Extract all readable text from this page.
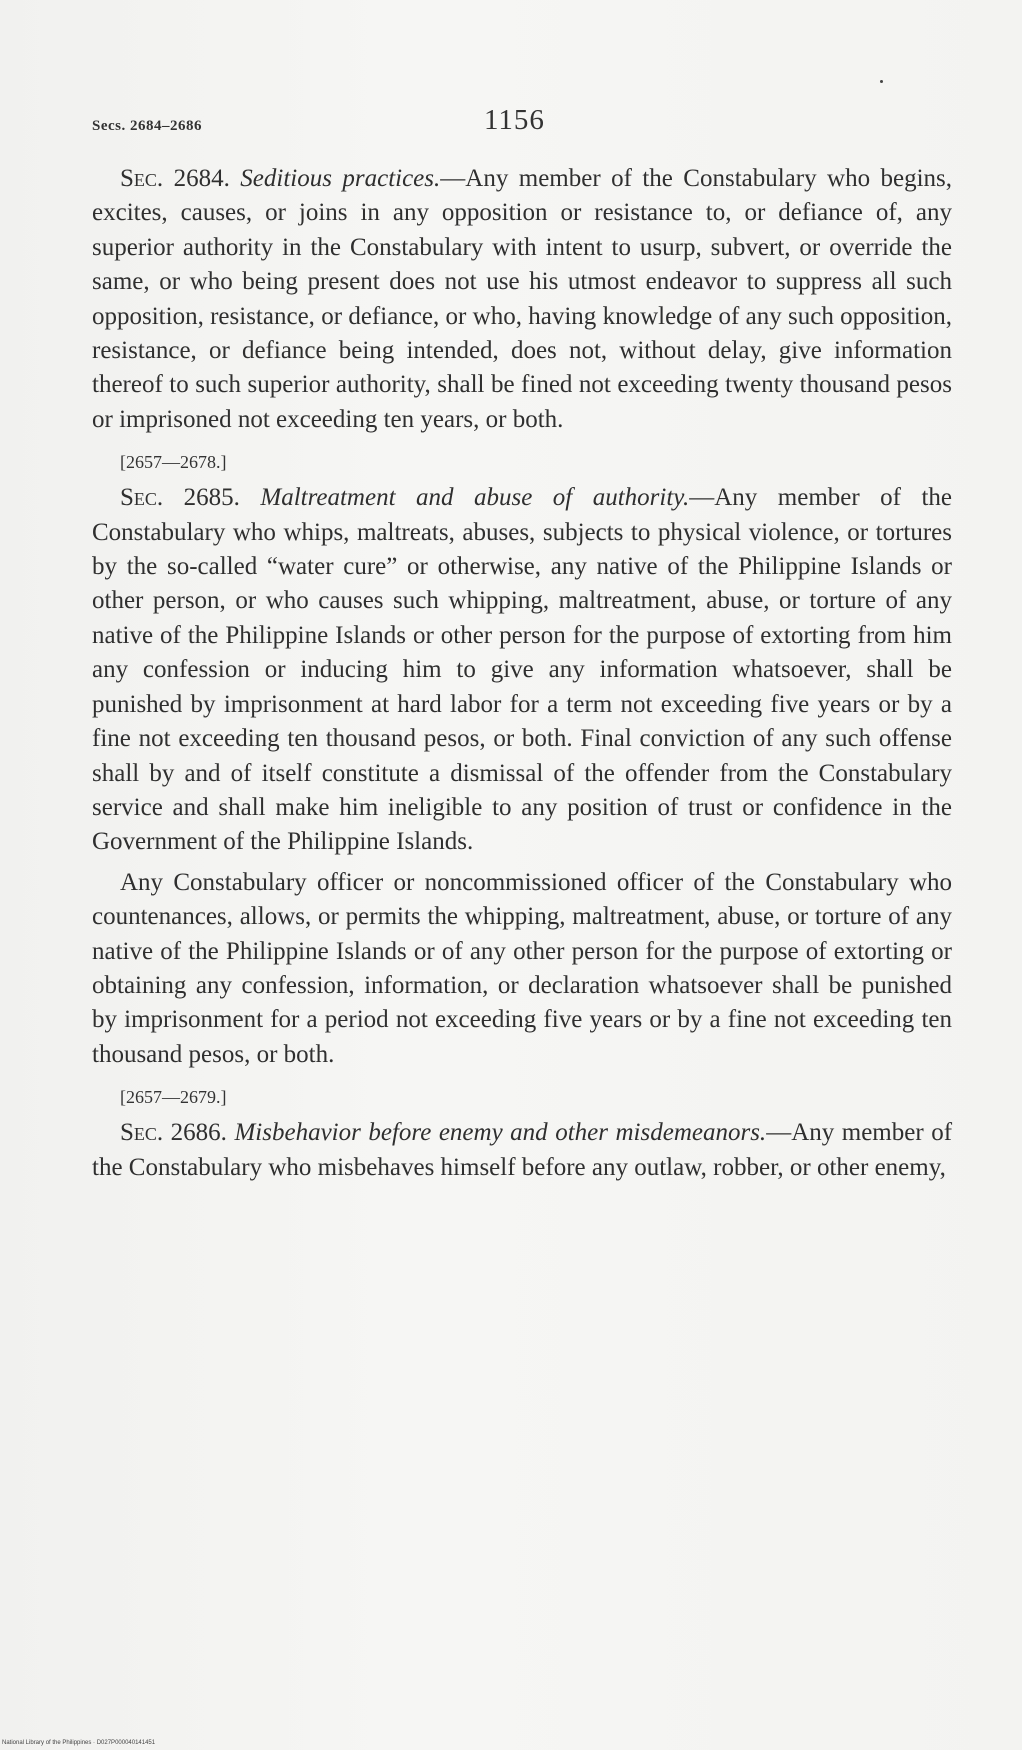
Secs. 2684–2686	1156

Sec. 2684. Seditious practices.—Any member of the Constabulary who begins, excites, causes, or joins in any opposition or resistance to, or defiance of, any superior authority in the Constabulary with intent to usurp, subvert, or override the same, or who being present does not use his utmost endeavor to suppress all such opposition, resistance, or defiance, or who, having knowledge of any such opposition, resistance, or defiance being intended, does not, without delay, give information thereof to such superior authority, shall be fined not exceeding twenty thousand pesos or imprisoned not exceeding ten years, or both.

[2657—2678.]

Sec. 2685. Maltreatment and abuse of authority.—Any member of the Constabulary who whips, maltreats, abuses, subjects to physical violence, or tortures by the so-called “water cure” or otherwise, any native of the Philippine Islands or other person, or who causes such whipping, maltreatment, abuse, or torture of any native of the Philippine Islands or other person for the purpose of extorting from him any confession or inducing him to give any information whatsoever, shall be punished by imprisonment at hard labor for a term not exceeding five years or by a fine not exceeding ten thousand pesos, or both. Final conviction of any such offense shall by and of itself constitute a dismissal of the offender from the Constabulary service and shall make him ineligible to any position of trust or confidence in the Government of the Philippine Islands.

Any Constabulary officer or noncommissioned officer of the Constabulary who countenances, allows, or permits the whipping, maltreatment, abuse, or torture of any native of the Philippine Islands or of any other person for the purpose of extorting or obtaining any confession, information, or declaration whatsoever shall be punished by imprisonment for a period not exceeding five years or by a fine not exceeding ten thousand pesos, or both.

[2657—2679.]

Sec. 2686. Misbehavior before enemy and other misdemeanors.—Any member of the Constabulary who misbehaves himself before any outlaw, robber, or other enemy,

National Library of the Philippines · D027P000040141451
